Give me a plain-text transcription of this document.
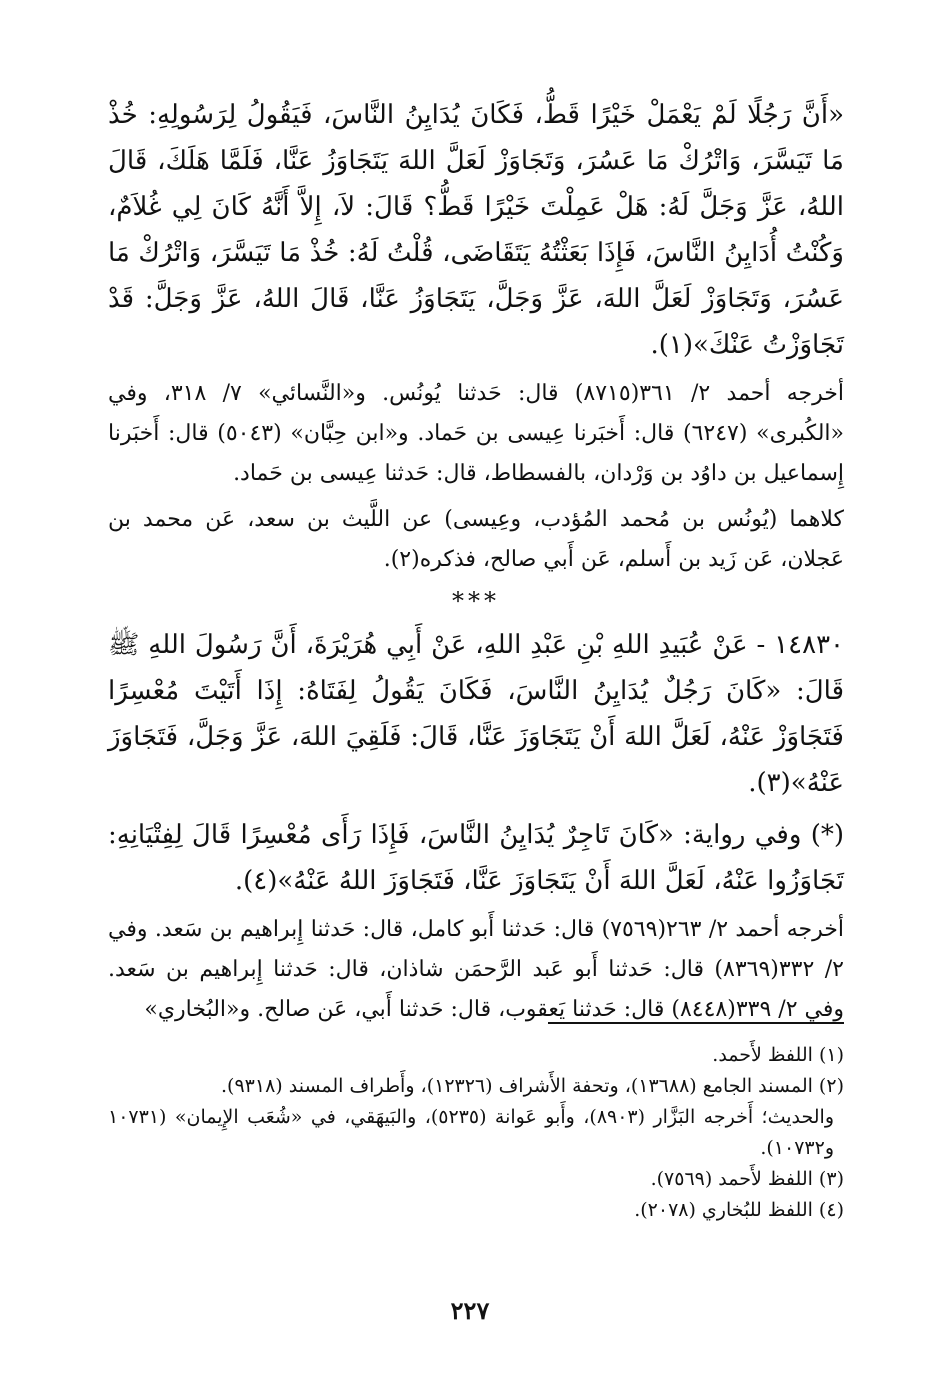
«أَنَّ رَجُلًا لَمْ يَعْمَلْ خَيْرًا قَطُّ، فَكَانَ يُدَايِنُ النَّاسَ، فَيَقُولُ لِرَسُولِهِ: خُذْ مَا تَيَسَّرَ، وَاتْرُكْ مَا عَسُرَ، وَتَجَاوَزْ لَعَلَّ اللهَ يَتَجَاوَزُ عَنَّا، فَلَمَّا هَلَكَ، قَالَ اللهُ، عَزَّ وَجَلَّ لَهُ: هَلْ عَمِلْتَ خَيْرًا قَطُّ؟ قَالَ: لاَ، إِلاَّ أَنَّهُ كَانَ لِي غُلاَمٌ، وَكُنْتُ أُدَايِنُ النَّاسَ، فَإِذَا بَعَثْتُهُ يَتَقَاضَى، قُلْتُ لَهُ: خُذْ مَا تَيَسَّرَ، وَاتْرُكْ مَا عَسُرَ، وَتَجَاوَزْ لَعَلَّ اللهَ، عَزَّ وَجَلَّ، يَتَجَاوَزُ عَنَّا، قَالَ اللهُ، عَزَّ وَجَلَّ: قَدْ تَجَاوَزْتُ عَنْكَ»(١).

أخرجه أحمد ٢/ ٣٦١(٨٧١٥) قال: حَدثنا يُونُس. و«النَّسائي» ٧/ ٣١٨، وفي «الكُبرى» (٦٢٤٧) قال: أَخبَرنا عِيسى بن حَماد. و«ابن حِبَّان» (٥٠٤٣) قال: أَخبَرنا إِسماعيل بن داوُد بن وَرْدان، بالفسطاط، قال: حَدثنا عِيسى بن حَماد.

كلاهما (يُونُس بن مُحمد المُؤدب، وعِيسى) عن اللَّيث بن سعد، عَن محمد بن عَجلان، عَن زَيد بن أَسلم، عَن أَبي صالح، فذكره(٢).

***

١٤٨٣٠ - عَنْ عُبَيدِ اللهِ بْنِ عَبْدِ اللهِ، عَنْ أَبِي هُرَيْرَةَ، أَنَّ رَسُولَ اللهِ ﷺ قَالَ: «كَانَ رَجُلٌ يُدَايِنُ النَّاسَ، فَكَانَ يَقُولُ لِفَتَاهُ: إِذَا أَتَيْتَ مُعْسِرًا فَتَجَاوَزْ عَنْهُ، لَعَلَّ اللهَ أَنْ يَتَجَاوَزَ عَنَّا، قَالَ: فَلَقِيَ اللهَ، عَزَّ وَجَلَّ، فَتَجَاوَزَ عَنْهُ»(٣).

(*) وفي رواية: «كَانَ تَاجِرٌ يُدَايِنُ النَّاسَ، فَإِذَا رَأَى مُعْسِرًا قَالَ لِفِتْيَانِهِ: تَجَاوَزُوا عَنْهُ، لَعَلَّ اللهَ أَنْ يَتَجَاوَزَ عَنَّا، فَتَجَاوَزَ اللهُ عَنْهُ»(٤).

أخرجه أحمد ٢/ ٢٦٣(٧٥٦٩) قال: حَدثنا أَبو كامل، قال: حَدثنا إِبراهيم بن سَعد. وفي ٢/ ٣٣٢(٨٣٦٩) قال: حَدثنا أَبو عَبد الرَّحمَن شاذان، قال: حَدثنا إِبراهيم بن سَعد. وفي ٢/ ٣٣٩(٨٤٤٨) قال: حَدثنا يَعقوب، قال: حَدثنا أَبي، عَن صالح. و«البُخاري»

(١) اللفظ لأَحمد.

(٢) المسند الجامع (١٣٦٨٨)، وتحفة الأَشراف (١٢٣٢٦)، وأَطراف المسند (٩٣١٨).

والحديث؛ أَخرجه البَزَّار (٨٩٠٣)، وأَبو عَوانة (٥٢٣٥)، والبَيهَقي، في «شُعَب الإِيمان» (١٠٧٣١ و١٠٧٣٢).

(٣) اللفظ لأَحمد (٧٥٦٩).

(٤) اللفظ للبُخاري (٢٠٧٨).

٢٢٧
